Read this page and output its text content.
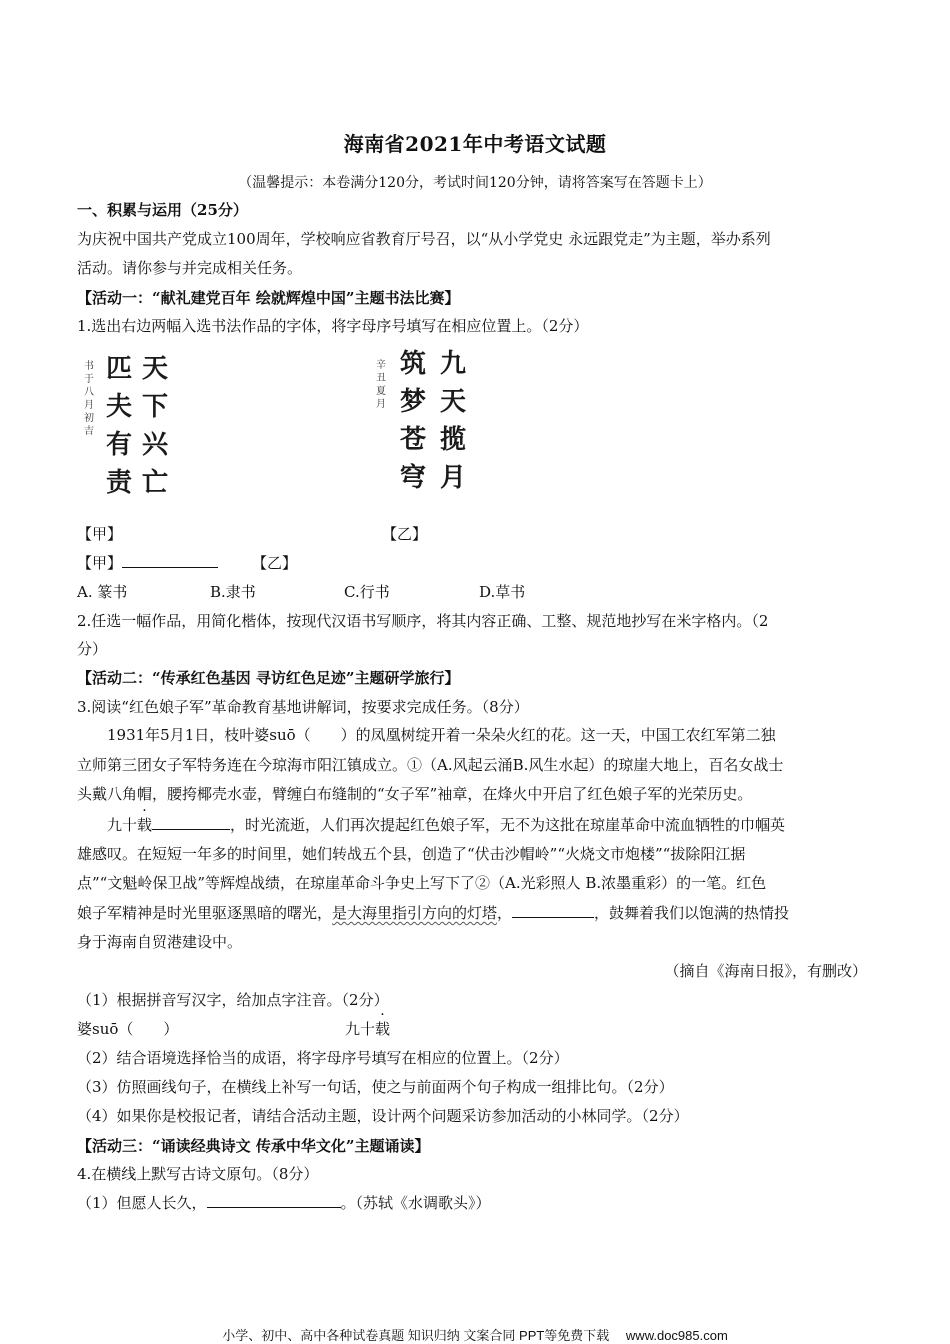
海南省2021年中考语文试题
（温馨提示：本卷满分120分，考试时间120分钟，请将答案写在答题卡上）
一、积累与运用（25分）
为庆祝中国共产党成立100周年，学校响应省教育厅号召，以“从小学党史 永远跟党走”为主题，举办系列
活动。请你参与并完成相关任务。
【活动一：“献礼建党百年 绘就辉煌中国”主题书法比赛】
1.选出右边两幅入选书法作品的字体，将字母序号填写在相应位置上。（2分）
天下兴亡
匹夫有责
书于八月初吉
九天揽月
筑梦苍穹
辛丑夏月
【甲】	【乙】
【甲】	【乙】
A. 篆书	B.隶书	C.行书	D.草书
2.任选一幅作品，用简化楷体，按现代汉语书写顺序，将其内容正确、工整、规范地抄写在米字格内。（2
分）
【活动二：“传承红色基因 寻访红色足迹”主题研学旅行】
3.阅读“红色娘子军”革命教育基地讲解词，按要求完成任务。（8分）
1931年5月1日，枝叶婆suō（　　）的凤凰树绽开着一朵朵火红的花。这一天，中国工农红军第二独
立师第三团女子军特务连在今琼海市阳江镇成立。①（A.风起云涌B.风生水起）的琼崖大地上，百名女战士
头戴八角帽，腰挎椰壳水壶，臂缠白布缝制的“女子军”袖章，在烽火中开启了红色娘子军的光荣历史。
九十载	，时光流逝，人们再次提起红色娘子军，无不为这批在琼崖革命中流血牺牲的巾帼英
雄感叹。在短短一年多的时间里，她们转战五个县，创造了“伏击沙帽岭”“火烧文市炮楼”“拔除阳江据
点”“文魁岭保卫战”等辉煌战绩，在琼崖革命斗争史上写下了②（A.光彩照人 B.浓墨重彩）的一笔。红色
娘子军精神是时光里驱逐黑暗的曙光，是大海里指引方向的灯塔，	，鼓舞着我们以饱满的热情投
身于海南自贸港建设中。
（摘自《海南日报》，有删改）
（1）根据拼音写汉字，给加点字注音。（2分）
婆suō（　　）	九十载
（2）结合语境选择恰当的成语，将字母序号填写在相应的位置上。（2分）
（3）仿照画线句子，在横线上补写一句话，使之与前面两个句子构成一组排比句。（2分）
（4）如果你是校报记者，请结合活动主题，设计两个问题采访参加活动的小林同学。（2分）
【活动三：“诵读经典诗文 传承中华文化”主题诵读】
4.在横线上默写古诗文原句。（8分）
（1）但愿人长久，	。（苏轼《水调歌头》）
小学、初中、高中各种试卷真题 知识归纳 文案合同 PPT等免费下载　 www.doc985.com
